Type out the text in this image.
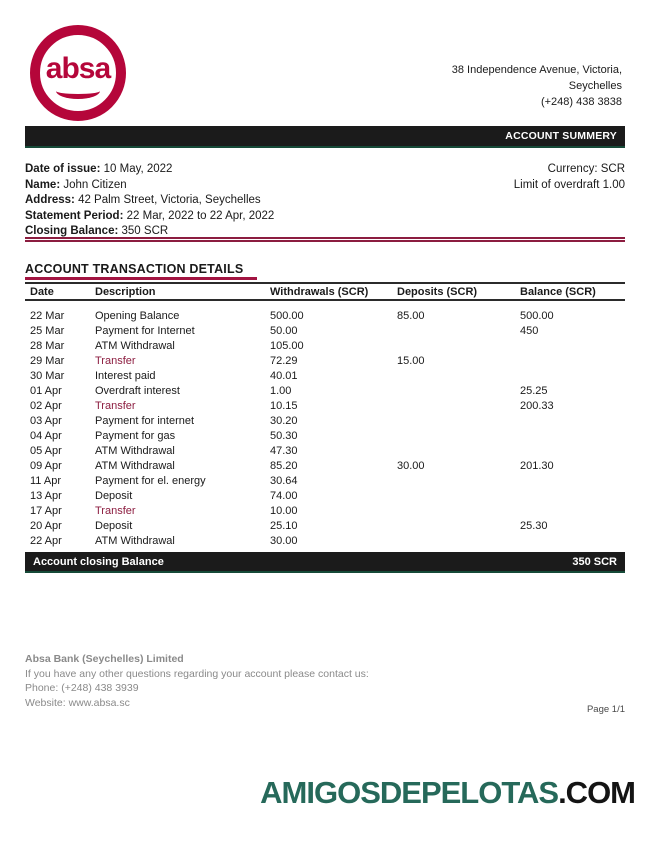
absa	38 Independence Avenue, Victoria,
Seychelles
(+248) 438 3838
ACCOUNT SUMMERY
Date of issue: 10 May, 2022
Name: John Citizen
Address: 42 Palm Street, Victoria, Seychelles
Statement Period: 22 Mar, 2022 to 22 Apr, 2022
Closing Balance: 350 SCR
Currency: SCR
Limit of overdraft 1.00
ACCOUNT TRANSACTION DETAILS
Date	Description	Withdrawals (SCR)	Deposits (SCR)	Balance (SCR)
22 Mar	Opening Balance	500.00	85.00	500.00
25 Mar	Payment for Internet	50.00		450
28 Mar	ATM Withdrawal	105.00		
29 Mar	Transfer	72.29	15.00	
30 Mar	Interest paid	40.01		
01 Apr	Overdraft interest	1.00		25.25
02 Apr	Transfer	10.15		200.33
03 Apr	Payment for internet	30.20		
04 Apr	Payment for gas	50.30		
05 Apr	ATM Withdrawal	47.30		
09 Apr	ATM Withdrawal	85.20	30.00	201.30
11 Apr	Payment for el. energy	30.64		
13 Apr	Deposit	74.00		
17 Apr	Transfer	10.00		
20 Apr	Deposit	25.10		25.30
22 Apr	ATM Withdrawal	30.00		
Account closing Balance	350 SCR
Absa Bank (Seychelles) Limited
If you have any other questions regarding your account please contact us:
Phone: (+248) 438 3939
Website: www.absa.sc
Page 1/1
AMIGOSDEPELOTAS.COM
